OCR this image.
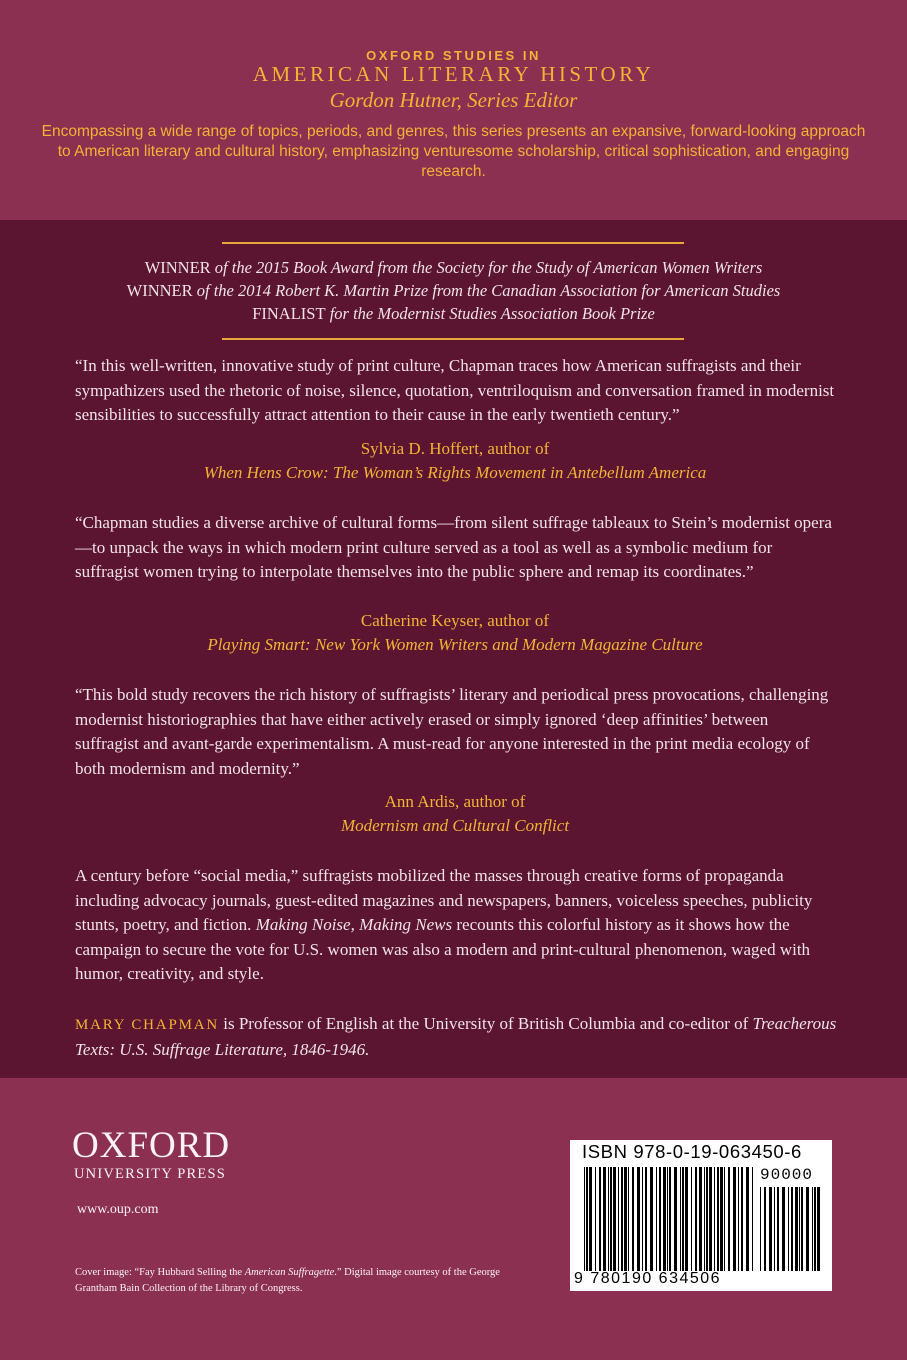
OXFORD STUDIES IN
AMERICAN LITERARY HISTORY
Gordon Hutner, Series Editor
Encompassing a wide range of topics, periods, and genres, this series presents an expansive, forward-looking approach to American literary and cultural history, emphasizing venturesome scholarship, critical sophistication, and engaging research.
WINNER of the 2015 Book Award from the Society for the Study of American Women Writers
WINNER of the 2014 Robert K. Martin Prize from the Canadian Association for American Studies
FINALIST for the Modernist Studies Association Book Prize
“In this well-written, innovative study of print culture, Chapman traces how American suffragists and their sympathizers used the rhetoric of noise, silence, quotation, ventriloquism and conversation framed in modernist sensibilities to successfully attract attention to their cause in the early twentieth century.”
Sylvia D. Hoffert, author of
When Hens Crow: The Woman’s Rights Movement in Antebellum America
“Chapman studies a diverse archive of cultural forms—from silent suffrage tableaux to Stein’s modernist opera—to unpack the ways in which modern print culture served as a tool as well as a symbolic medium for suffragist women trying to interpolate themselves into the public sphere and remap its coordinates.”
Catherine Keyser, author of
Playing Smart: New York Women Writers and Modern Magazine Culture
“This bold study recovers the rich history of suffragists’ literary and periodical press provocations, challenging modernist historiographies that have either actively erased or simply ignored ‘deep affinities’ between suffragist and avant-garde experimentalism. A must-read for anyone interested in the print media ecology of both modernism and modernity.”
Ann Ardis, author of
Modernism and Cultural Conflict
A century before “social media,” suffragists mobilized the masses through creative forms of propaganda including advocacy journals, guest-edited magazines and newspapers, banners, voiceless speeches, publicity stunts, poetry, and fiction. Making Noise, Making News recounts this colorful history as it shows how the campaign to secure the vote for U.S. women was also a modern and print-cultural phenomenon, waged with humor, creativity, and style.
MARY CHAPMAN is Professor of English at the University of British Columbia and co-editor of Treacherous Texts: U.S. Suffrage Literature, 1846-1946.
OXFORD
UNIVERSITY PRESS
www.oup.com
Cover image: “Fay Hubbard Selling the American Suffragette.” Digital image courtesy of the George Grantham Bain Collection of the Library of Congress.
ISBN 978-0-19-063450-6
90000
9 780190 634506
